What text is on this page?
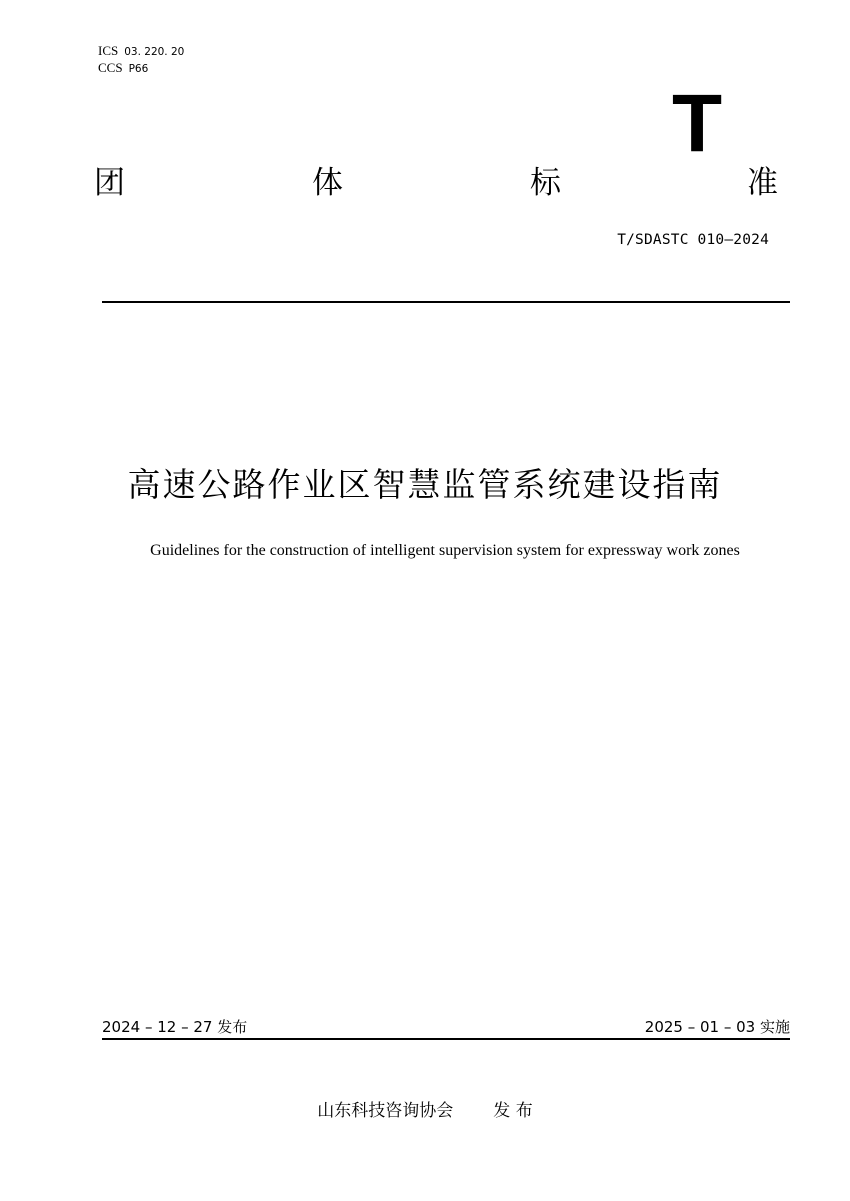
ICS 03. 220. 20
CCS P66
T
团	体	标	准
T/SDASTC 010—2024
高速公路作业区智慧监管系统建设指南
Guidelines for the construction of intelligent supervision system for expressway work zones
2024 – 12 – 27 发布	2025 – 01 – 03 实施
山东科技咨询协会 发 布
